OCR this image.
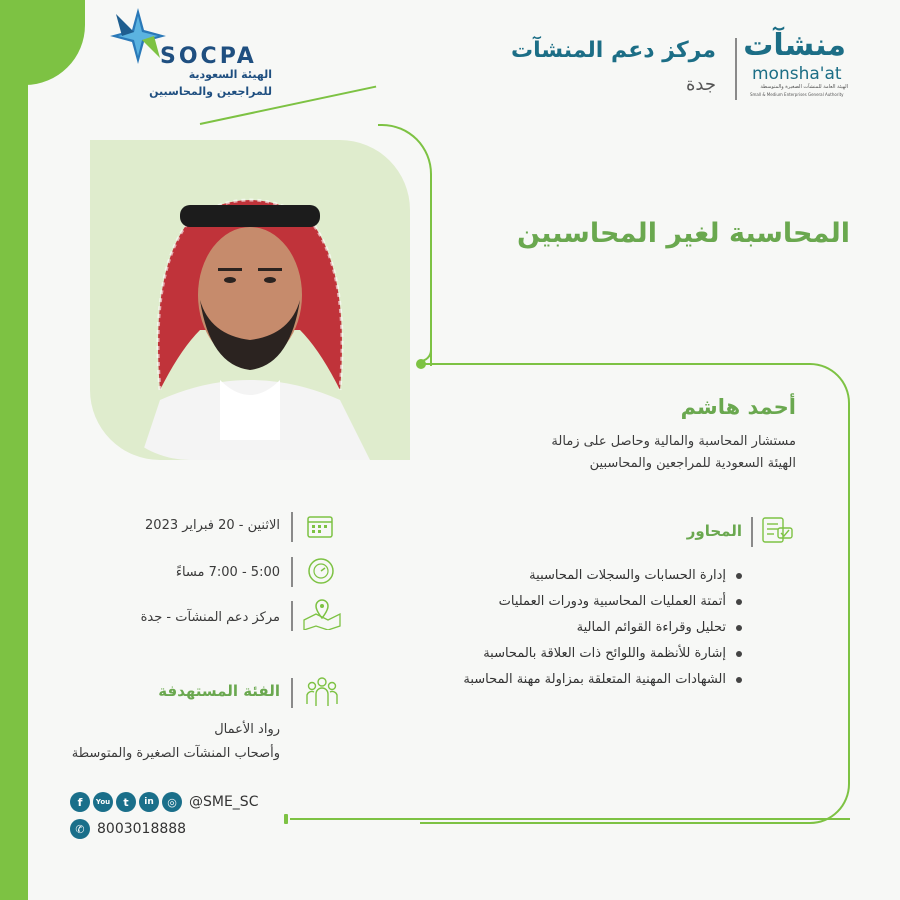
SOCPA
الهيئة السعودية
للمراجعين والمحاسبين
مركز دعم المنشآت
جدة
منشآت
monsha'at
الهيئة العامة للمنشآت الصغيرة والمتوسطة
Small & Medium Enterprises General Authority
المحاسبة لغير المحاسبين
أحمد هاشم
مستشار المحاسبة والمالية وحاصل على زمالة
الهيئة السعودية للمراجعين والمحاسبين
الاثنين - 20 فبراير 2023
5:00 - 7:00 مساءً
مركز دعم المنشآت - جدة
الفئة المستهدفة
رواد الأعمال
وأصحاب المنشآت الصغيرة والمتوسطة
المحاور
إدارة الحسابات والسجلات المحاسبية
أتمتة العمليات المحاسبية ودورات العمليات
تحليل وقراءة القوائم المالية
إشارة للأنظمة واللوائح ذات العلاقة بالمحاسبة
الشهادات المهنية المتعلقة بمزاولة مهنة المحاسبة
f	You	t	in	◎ @SME_SC
✆ 8003018888
